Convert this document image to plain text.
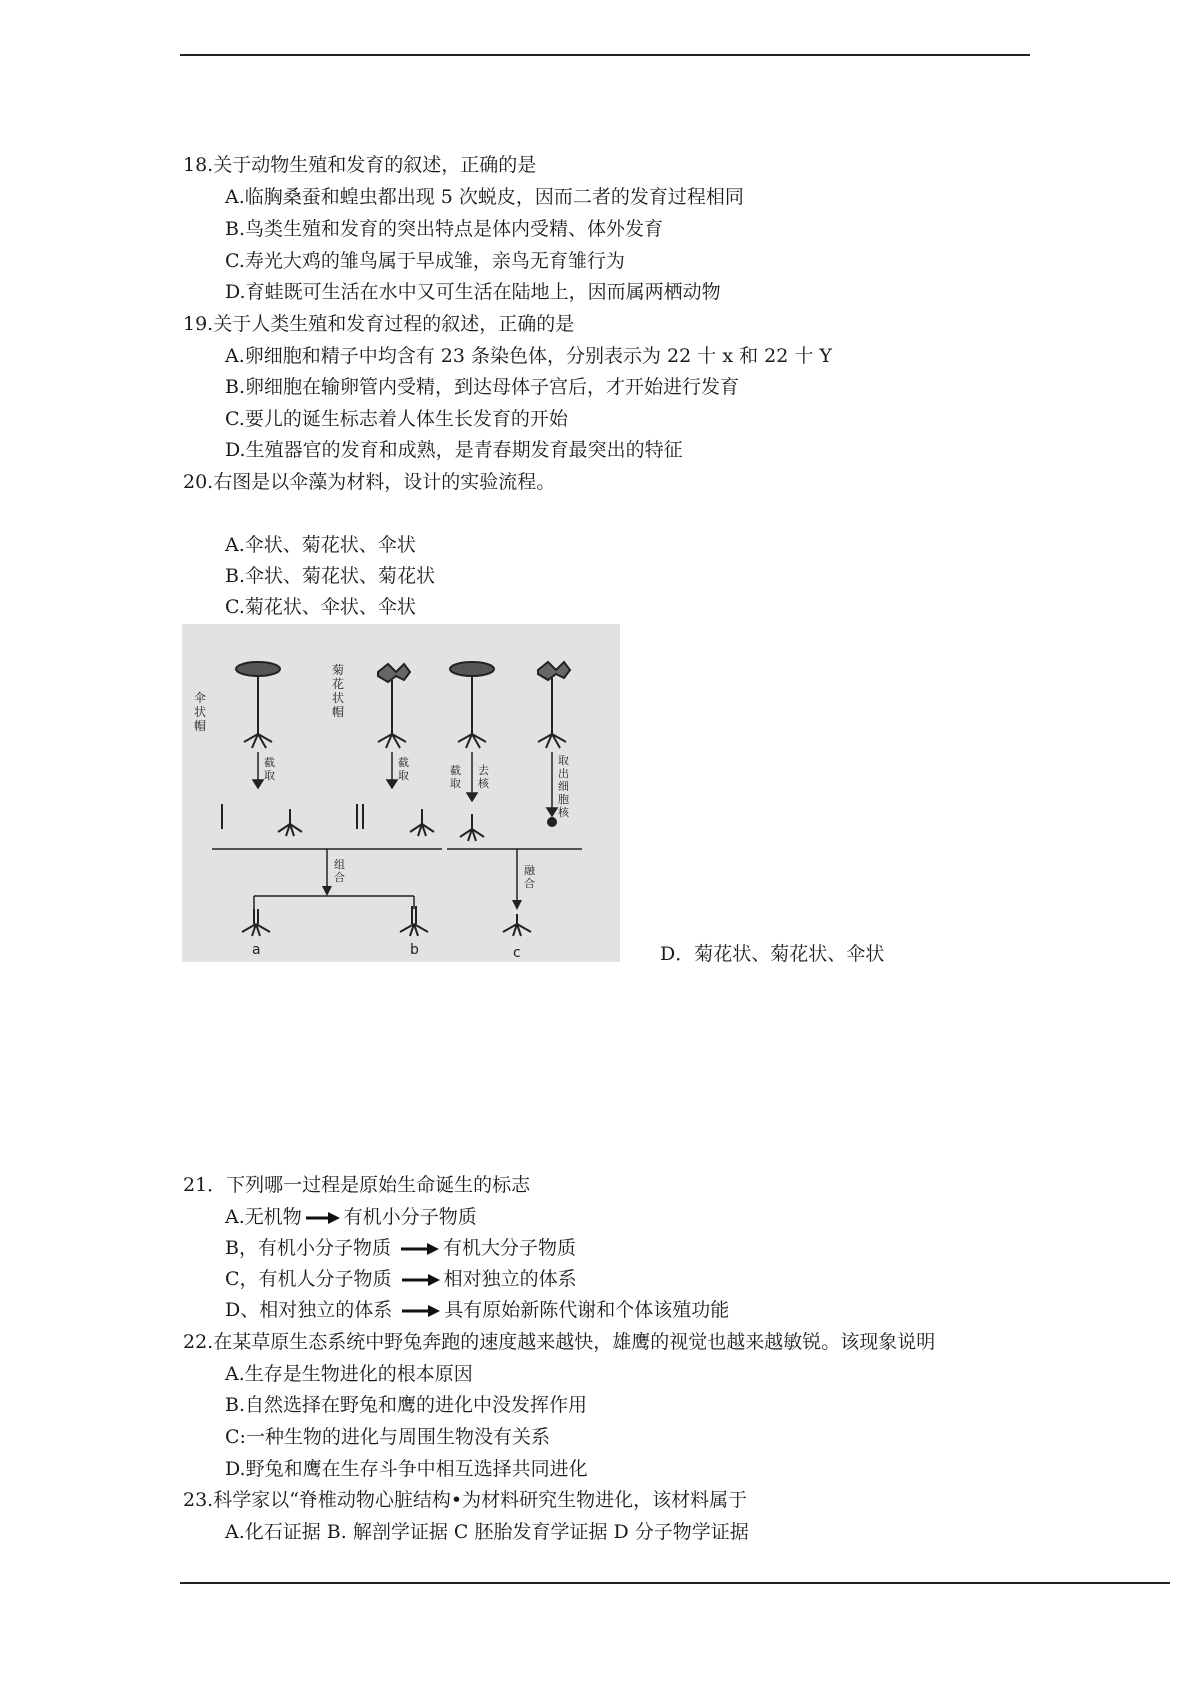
18.关于动物生殖和发育的叙述，正确的是
A.临胸桑蚕和蝗虫都出现 5 次蜕皮，因而二者的发育过程相同
B.鸟类生殖和发育的突出特点是体内受精、体外发育
C.寿光大鸡的雏鸟属于早成雏，亲鸟无育雏行为
D.育蛙既可生活在水中又可生活在陆地上，因而属两栖动物
19.关于人类生殖和发育过程的叙述，正确的是
A.卵细胞和精子中均含有 23 条染色体，分别表示为 22 十 x 和 22 十 Y
B.卵细胞在输卵管内受精，到达母体子宫后，才开始进行发育
C.要儿的诞生标志着人体生长发育的开始
D.生殖器官的发育和成熟，是青春期发育最突出的特征
20.右图是以伞藻为材料，设计的实验流程。
A.伞状、菊花状、伞状
B.伞状、菊花状、菊花状
C.菊花状、伞状、伞状
伞
状
帽
菊
花
状
帽
截
取
截
取	截
取
去
核
取
出
细
胞
核
组
合
融
合
a	b	c	D．菊花状、菊花状、伞状
21．下列哪一过程是原始生命诞生的标志
A.无机物 有机小分子物质
B，有机小分子物质	有机大分子物质
C，有机人分子物质	相对独立的体系
D、相对独立的体系	具有原始新陈代谢和个体该殖功能
22.在某草原生态系统中野兔奔跑的速度越来越快，雄鹰的视觉也越来越敏锐。该现象说明
A.生存是生物进化的根本原因
B.自然选择在野兔和鹰的进化中没发挥作用
C:一种生物的进化与周围生物没有关系
D.野兔和鹰在生存斗争中相互选择共同进化
23.科学家以“脊椎动物心脏结构•为材料研究生物进化，该材料属于
A.化石证据 B. 解剖学证据 C 胚胎发育学证据 D 分子物学证据
